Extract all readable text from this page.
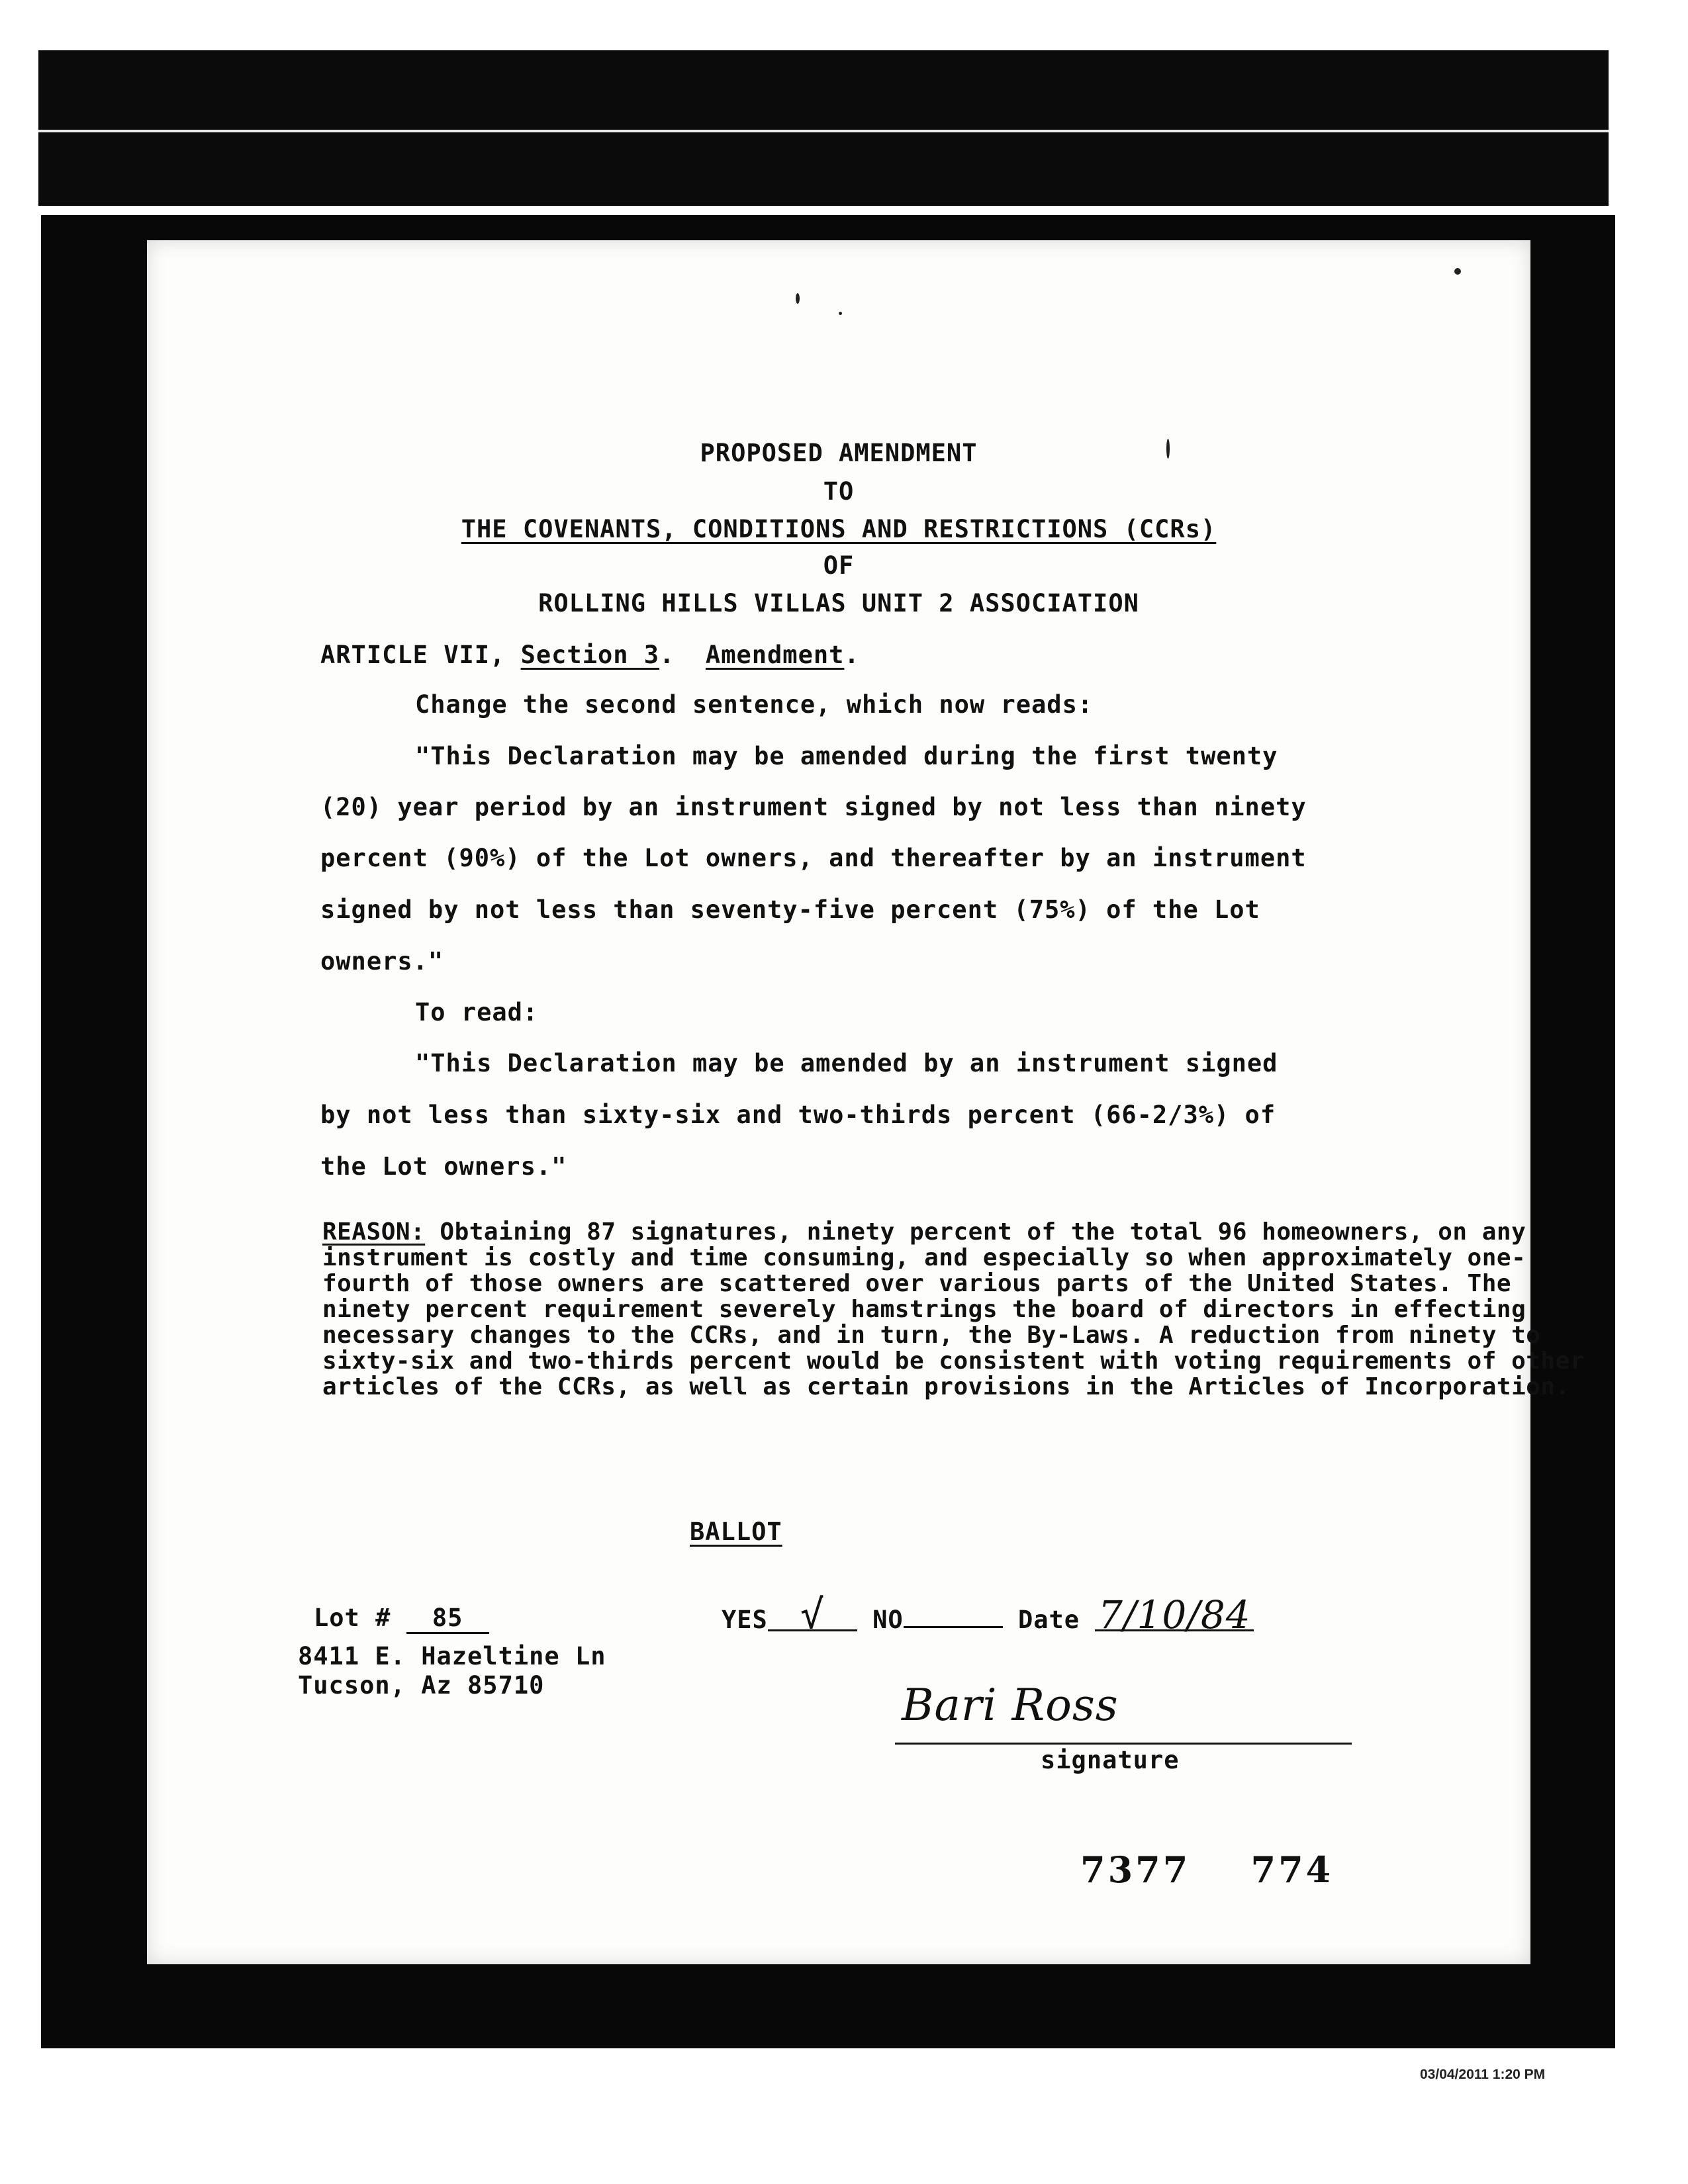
PROPOSED AMENDMENT
TO
THE COVENANTS, CONDITIONS AND RESTRICTIONS (CCRs)
OF
ROLLING HILLS VILLAS UNIT 2 ASSOCIATION
ARTICLE VII, Section 3. Amendment.
Change the second sentence, which now reads:
"This Declaration may be amended during the first twenty
(20) year period by an instrument signed by not less than ninety
percent (90%) of the Lot owners, and thereafter by an instrument
signed by not less than seventy-five percent (75%) of the Lot
owners."
To read:
"This Declaration may be amended by an instrument signed
by not less than sixty-six and two-thirds percent (66-2/3%) of
the Lot owners."
BALLOT
Lot # 85
8411 E. Hazeltine Ln
Tucson, Az 85710
YES √ NO	Date 7/10/84
Bari Ross
signature
7377 774
REASON: Obtaining 87 signatures, ninety percent of the total 96 homeowners, on any instrument is costly and time consuming, and especially so when approximately one-fourth of those owners are scattered over various parts of the United States. The ninety percent requirement severely hamstrings the board of directors in effecting necessary changes to the CCRs, and in turn, the By-Laws. A reduction from ninety to sixty-six and two-thirds percent would be consistent with voting requirements of other articles of the CCRs, as well as certain provisions in the Articles of Incorporation.
03/04/2011 1:20 PM
